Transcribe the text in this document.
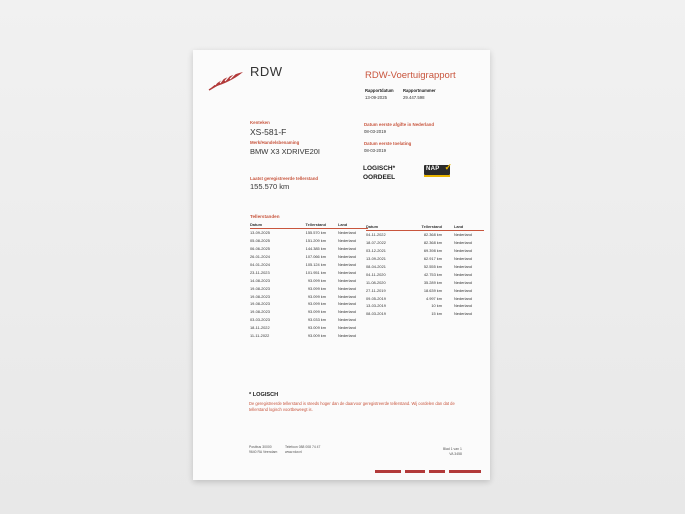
RDW	RDW-Voertuigrapport
Rapportdatum
13-09-2025
Rapportnummer
29.447.598
Kenteken
XS-581-F
Merk/Handelsbenaming
BMW X3 XDRIVE20I
Laatst geregistreerde tellerstand
155.570 km
Datum eerste afgifte in Nederland
08-03-2019
Datum eerste toelating
08-03-2019
LOGISCH*
OORDEEL
NAP ✓
Tellerstanden
Datum	Tellerstand	Land
13-09-2025	155.570 km	Nederland
05-08-2025	151.209 km	Nederland
06-06-2025	144.385 km	Nederland
26-01-2024	107.066 km	Nederland
04-01-2024	105.124 km	Nederland
23-11-2023	101.951 km	Nederland
14-08-2023	93.099 km	Nederland
19-08-2023	93.099 km	Nederland
19-08-2023	93.099 km	Nederland
19-08-2023	93.099 km	Nederland
19-08-2023	93.099 km	Nederland
03-03-2023	93.033 km	Nederland
18-11-2022	93.009 km	Nederland
11-11-2022	93.009 km	Nederland
Datum	Tellerstand	Land
04-11-2022	82.368 km	Nederland
18-07-2022	82.368 km	Nederland
03-12-2021	69.398 km	Nederland
13-09-2021	62.917 km	Nederland
08-04-2021	52.555 km	Nederland
04-11-2020	42.753 km	Nederland
11-08-2020	35.289 km	Nederland
27-11-2019	18.639 km	Nederland
09-05-2019	4.997 km	Nederland
13-03-2019	10 km	Nederland
08-03-2019	15 km	Nederland
* LOGISCH
De geregistreerde tellerstand is steeds hoger dan de daarvoor geregistreerde tellerstand. Wij oordelen dan dat de tellerstand logisch voortbeweegt is.
Postbus 30000
9640 RA Veendam
Telefoon 088 008 74 47
www.rdw.nl
Blad 1 van 1
VA 3458
